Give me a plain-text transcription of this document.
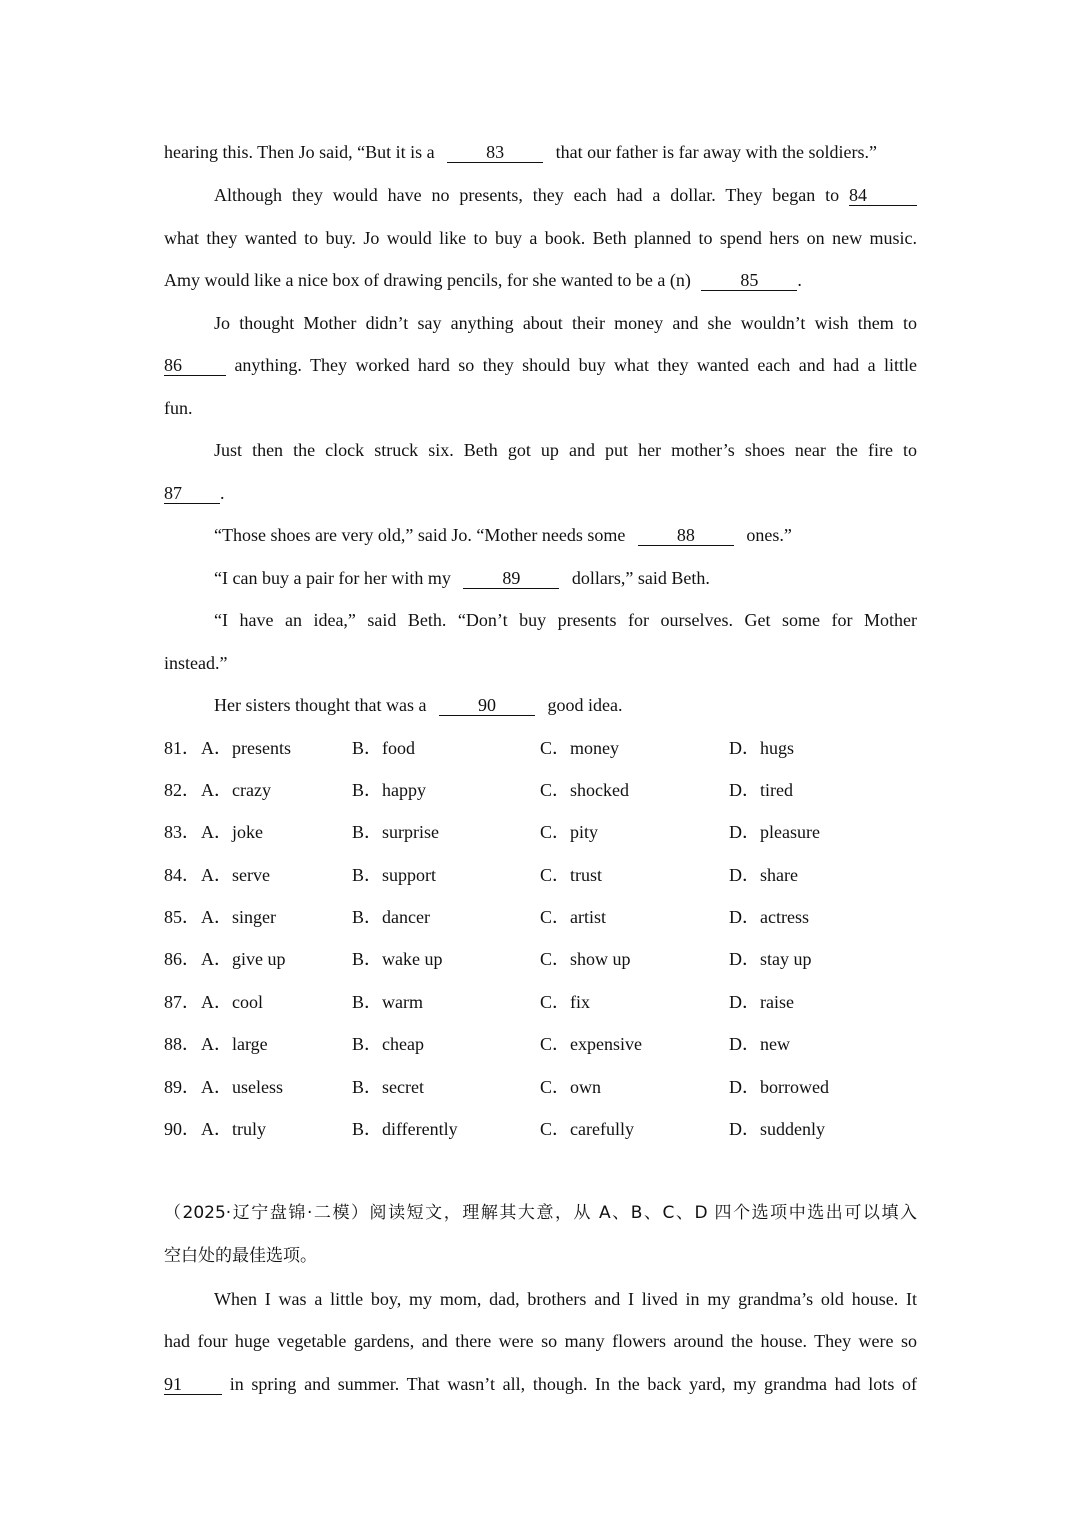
hearing this. Then Jo said, “But it is a	83	that our father is far away with the soldiers.”
Although they would have no presents, they each had a dollar. They began to 84
what they wanted to buy. Jo would like to buy a book. Beth planned to spend hers on new music.
Amy would like a nice box of drawing pencils, for she wanted to be a (n)	85 .
Jo thought Mother didn’t say anything about their money and she wouldn’t wish them to
86	anything. They worked hard so they should buy what they wanted each and had a little
fun.
Just then the clock struck six. Beth got up and put her mother’s shoes near the fire to
87 .
“Those shoes are very old,” said Jo. “Mother needs some	88	ones.”
“I can buy a pair for her with my	89	dollars,” said Beth.
“I have an idea,” said Beth. “Don’t buy presents for ourselves. Get some for Mother
instead.”
Her sisters thought that was a	90	good idea.
81． A．presents	B．food	C．money	D．hugs
82． A．crazy	B．happy	C．shocked	D．tired
83． A．joke	B．surprise	C．pity	D．pleasure
84． A．serve	B．support	C．trust	D．share
85． A．singer	B．dancer	C．artist	D．actress
86． A．give up	B．wake up	C．show up	D．stay up
87． A．cool	B．warm	C．fix	D．raise
88． A．large	B．cheap	C．expensive	D．new
89． A．useless	B．secret	C．own	D．borrowed
90． A．truly	B．differently	C．carefully	D．suddenly
（2025·辽宁盘锦·二模）阅读短文，理解其大意，从 A、B、C、D 四个选项中选出可以填入
空白处的最佳选项。
When I was a little boy, my mom, dad, brothers and I lived in my grandma’s old house. It
had four huge vegetable gardens, and there were so many flowers around the house. They were so
91	in spring and summer. That wasn’t all, though. In the back yard, my grandma had lots of
